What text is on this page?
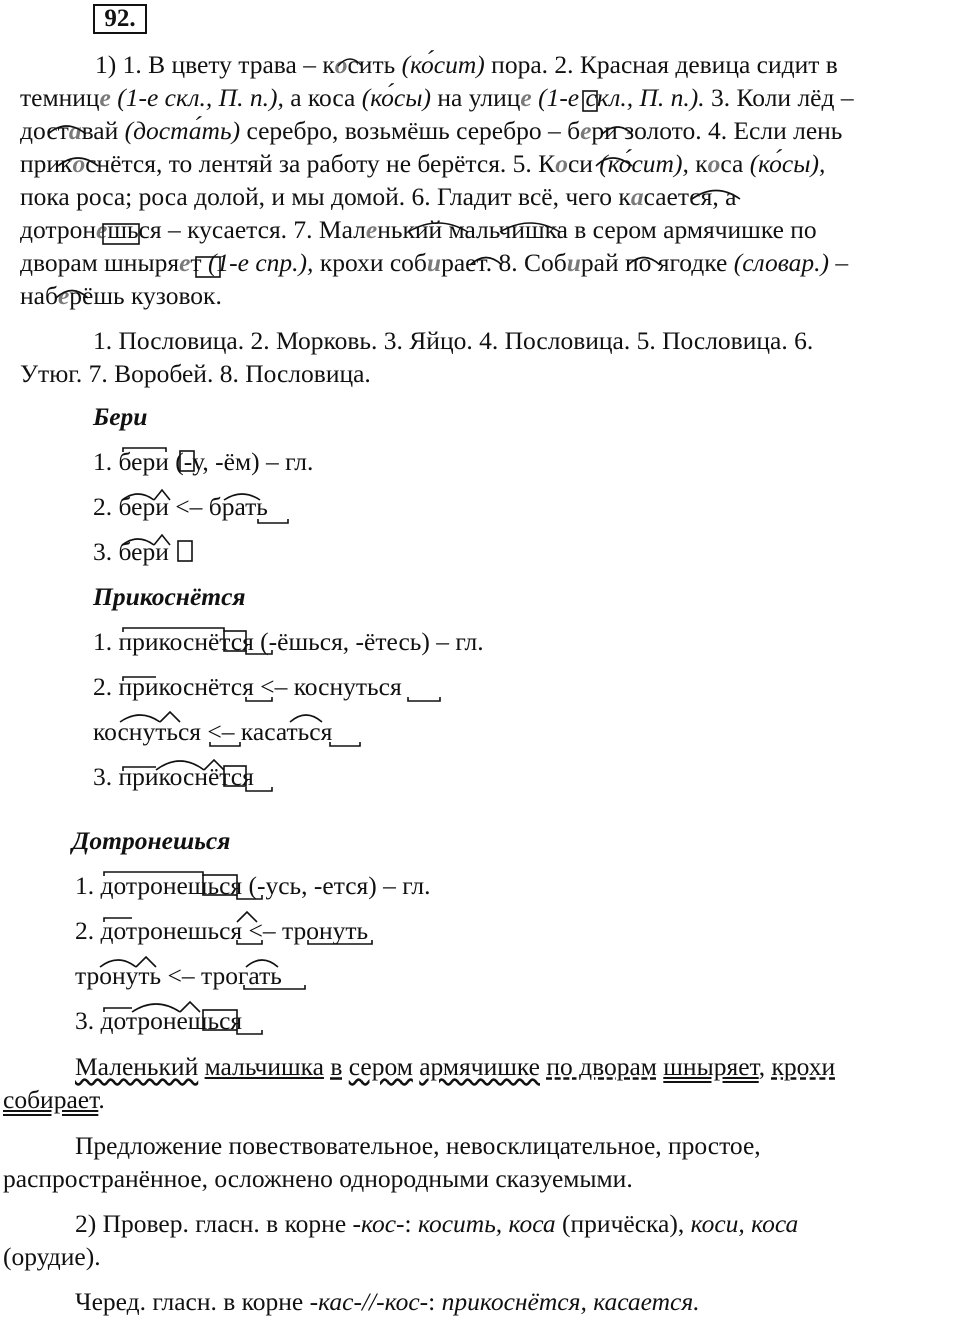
92.
1) 1. В цвету трава – косить (ко́сит) пора. 2. Красная девица сидит в
темнице (1-е скл., П. п.), а коса (ко́сы) на улице (1-е скл., П. п.). 3. Коли лёд –
доставай (доста́ть) серебро, возьмёшь серебро – бери золото. 4. Если лень
прикоснётся, то лентяй за работу не берётся. 5. Коси (ко́сит), коса (ко́сы),
пока роса; роса долой, и мы домой. 6. Гладит всё, чего касается, а
дотронешься – кусается. 7. Маленький мальчишка в сером армячишке по
дворам шныряет (1-е спр.), крохи собирает. 8. Собирай по ягодке (словар.) –
наберёшь кузовок.
1. Пословица. 2. Морковь. 3. Яйцо. 4. Пословица. 5. Пословица. 6.
Утюг. 7. Воробей. 8. Пословица.
Бери
1. бери (-у, -ём) – гл.
2. бери <– брать
3. бери
Прикоснётся
1. прикоснётся (-ёшься, -ётесь) – гл.
2. прикоснётся <– коснуться
коснуться <– касаться
3. прикоснётся
Дотронешься
1. дотронешься (-усь, -ется) – гл.
2. дотронешься <– тронуть
тронуть <– трогать
3. дотронешься
Маленький мальчишка в сером армячишке по дворам шныряет, крохи
собирает.
Предложение повествовательное, невосклицательное, простое,
распространённое, осложнено однородными сказуемыми.
2) Провер. гласн. в корне -кос-: косить, коса (причёска), коси, коса
(орудие).
Черед. гласн. в корне -кас-//-кос-: прикоснётся, касается.
